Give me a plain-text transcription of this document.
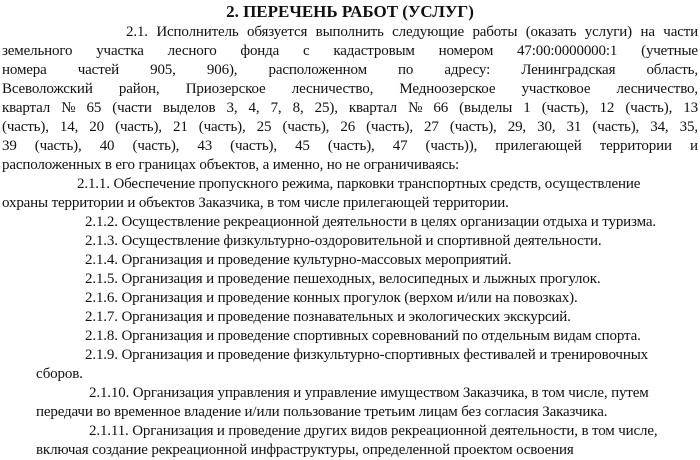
2. ПЕРЕЧЕНЬ РАБОТ (УСЛУГ)
2.1. Исполнитель обязуется выполнить следующие работы (оказать услуги) на части
земельного участка лесного фонда с кадастровым номером 47:00:0000000:1 (учетные
номера частей 905, 906), расположенном по адресу: Ленинградская область,
Всеволожский район, Приозерское лесничество, Медноозерское участковое лесничество,
квартал № 65 (части выделов 3, 4, 7, 8, 25), квартал № 66 (выделы 1 (часть), 12 (часть), 13
(часть), 14, 20 (часть), 21 (часть), 25 (часть), 26 (часть), 27 (часть), 29, 30, 31 (часть), 34, 35,
39 (часть), 40 (часть), 43 (часть), 45 (часть), 47 (часть)), прилегающей территории и
расположенных в его границах объектов, а именно, но не ограничиваясь:
2.1.1. Обеспечение пропускного режима, парковки транспортных средств, осуществление
охраны территории и объектов Заказчика, в том числе прилегающей территории.
2.1.2. Осуществление рекреационной деятельности в целях организации отдыха и туризма.
2.1.3. Осуществление физкультурно-оздоровительной и спортивной деятельности.
2.1.4. Организация и проведение культурно-массовых мероприятий.
2.1.5. Организация и проведение пешеходных, велосипедных и лыжных прогулок.
2.1.6. Организация и проведение конных прогулок (верхом и/или на повозках).
2.1.7. Организация и проведение познавательных и экологических экскурсий.
2.1.8. Организация и проведение спортивных соревнований по отдельным видам спорта.
2.1.9. Организация и проведение физкультурно-спортивных фестивалей и тренировочных
сборов.
2.1.10. Организация управления и управление имуществом Заказчика, в том числе, путем
передачи во временное владение и/или пользование третьим лицам без согласия Заказчика.
2.1.11. Организация и проведение других видов рекреационной деятельности, в том числе,
включая создание рекреационной инфраструктуры, определенной проектом освоения
